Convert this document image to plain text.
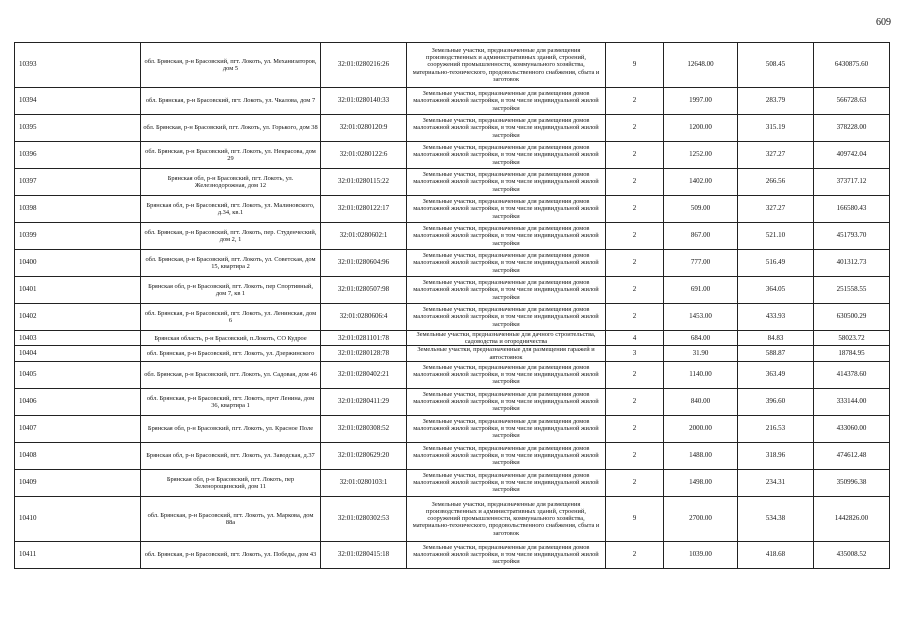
609
10393	обл. Брянская, р-н Брасовский, пгт. Локоть, ул. Механизаторов, дом 5	32:01:0280216:26	Земельные участки, предназначенные для размещения производственных и административных зданий, строений, сооружений промышленности, коммунального хозяйства, материально-технического, продовольственного снабжения, сбыта и заготовок	9	12648.00	508.45	6430875.60
10394	обл. Брянская, р-н Брасовский, пгт. Локоть, ул. Чкалова, дом 7	32:01:0280140:33	Земельные участки, предназначенные для размещения домов малоэтажной жилой застройки, в том числе индивидуальной жилой застройки	2	1997.00	283.79	566728.63
10395	обл. Брянская, р-н Брасовский, пгт. Локоть, ул. Горького, дом 38	32:01:0280120:9	Земельные участки, предназначенные для размещения домов малоэтажной жилой застройки, в том числе индивидуальной жилой застройки	2	1200.00	315.19	378228.00
10396	обл. Брянская, р-н Брасовский, пгт. Локоть, ул. Некрасова, дом 29	32:01:0280122:6	Земельные участки, предназначенные для размещения домов малоэтажной жилой застройки, в том числе индивидуальной жилой застройки	2	1252.00	327.27	409742.04
10397	Брянская обл, р-н Брасовский, пгт. Локоть, ул. Железнодорожная, дом 12	32:01:0280115:22	Земельные участки, предназначенные для размещения домов малоэтажной жилой застройки, в том числе индивидуальной жилой застройки	2	1402.00	266.56	373717.12
10398	Брянская обл, р-н Брасовский, пгт. Локоть, ул. Малиновского, д.34, кв.1	32:01:0280122:17	Земельные участки, предназначенные для размещения домов малоэтажной жилой застройки, в том числе индивидуальной жилой застройки	2	509.00	327.27	166580.43
10399	обл. Брянская, р-н Брасовский, пгт. Локоть, пер. Студенческий, дом 2, 1	32:01:0280602:1	Земельные участки, предназначенные для размещения домов малоэтажной жилой застройки, в том числе индивидуальной жилой застройки	2	867.00	521.10	451793.70
10400	обл. Брянская, р-н Брасовский, пгт. Локоть, ул. Советская, дом 15, квартира 2	32:01:0280604:96	Земельные участки, предназначенные для размещения домов малоэтажной жилой застройки, в том числе индивидуальной жилой застройки	2	777.00	516.49	401312.73
10401	Брянская обл, р-н Брасовский, пгт. Локоть, пер Спортивный, дом 7, кв 1	32:01:0280507:98	Земельные участки, предназначенные для размещения домов малоэтажной жилой застройки, в том числе индивидуальной жилой застройки	2	691.00	364.05	251558.55
10402	обл. Брянская, р-н Брасовский, пгт. Локоть, ул. Ленинская, дом 6	32:01:0280606:4	Земельные участки, предназначенные для размещения домов малоэтажной жилой застройки, в том числе индивидуальной жилой застройки	2	1453.00	433.93	630500.29
10403	Брянская область, р-н Брасовский, п.Локоть, СО Кудрое	32:01:0281101:78	Земельные участки, предназначенные для дачного строительства, садоводства и огородничества	4	684.00	84.83	58023.72
10404	обл. Брянская, р-н Брасовский, пгт. Локоть, ул. Дзержинского	32:01:0280128:78	Земельные участки, предназначенные для размещения гаражей и автостоянок	3	31.90	588.87	18784.95
10405	обл. Брянская, р-н Брасовский, пгт. Локоть, ул. Садовая, дом 46	32:01:0280402:21	Земельные участки, предназначенные для размещения домов малоэтажной жилой застройки, в том числе индивидуальной жилой застройки	2	1140.00	363.49	414378.60
10406	обл. Брянская, р-н Брасовский, пгт. Локоть, прчт Ленина, дом 36, квартира 1	32:01:0280411:29	Земельные участки, предназначенные для размещения домов малоэтажной жилой застройки, в том числе индивидуальной жилой застройки	2	840.00	396.60	333144.00
10407	Брянская обл, р-н Брасовский, пгт. Локоть, ул. Красное Поле	32:01:0280308:52	Земельные участки, предназначенные для размещения домов малоэтажной жилой застройки, в том числе индивидуальной жилой застройки	2	2000.00	216.53	433060.00
10408	Брянская обл, р-н Брасовский, пгт. Локоть, ул. Заводская, д.37	32:01:0280629:20	Земельные участки, предназначенные для размещения домов малоэтажной жилой застройки, в том числе индивидуальной жилой застройки	2	1488.00	318.96	474612.48
10409	Брянская обл, р-н Брасовский, пгт. Локоть, пер Зеленорощинский, дом 11	32:01:0280103:1	Земельные участки, предназначенные для размещения домов малоэтажной жилой застройки, в том числе индивидуальной жилой застройки	2	1498.00	234.31	350996.38
10410	обл. Брянская, р-н Брасовский, пгт. Локоть, ул. Маркова, дом 88а	32:01:0280302:53	Земельные участки, предназначенные для размещения производственных и административных зданий, строений, сооружений промышленности, коммунального хозяйства, материально-технического, продовольственного снабжения, сбыта и заготовок	9	2700.00	534.38	1442826.00
10411	обл. Брянская, р-н Брасовский, пгт. Локоть, ул. Победы, дом 43	32:01:0280415:18	Земельные участки, предназначенные для размещения домов малоэтажной жилой застройки, в том числе индивидуальной жилой застройки	2	1039.00	418.68	435008.52
